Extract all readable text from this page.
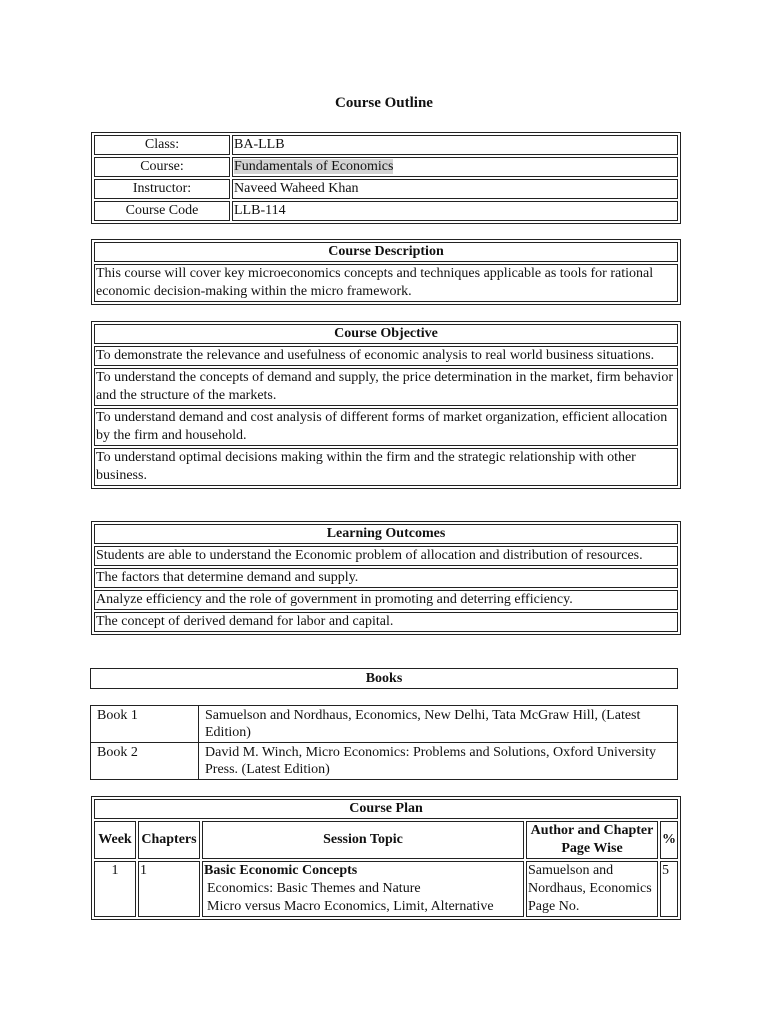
Course Outline
Class:	BA-LLB
Course:	Fundamentals of Economics
Instructor:	Naveed Waheed Khan
Course Code	LLB-114
Course Description
This course will cover key microeconomics concepts and techniques applicable as tools for rational economic decision-making within the micro framework.
Course Objective
To demonstrate the relevance and usefulness of economic analysis to real world business situations.
To understand the concepts of demand and supply, the price determination in the market, firm behavior and the structure of the markets.
To understand demand and cost analysis of different forms of market organization, efficient allocation by the firm and household.
To understand optimal decisions making within the firm and the strategic relationship with other business.
Learning Outcomes
Students are able to understand the Economic problem of allocation and distribution of resources.
The factors that determine demand and supply.
Analyze efficiency and the role of government in promoting and deterring efficiency.
The concept of derived demand for labor and capital.
Books
Book 1	Samuelson and Nordhaus, Economics, New Delhi, Tata McGraw Hill, (Latest Edition)
Book 2	David M. Winch, Micro Economics: Problems and Solutions, Oxford University Press. (Latest Edition)
Course Plan				
Week	Chapters	Session Topic	Author and Chapter Page Wise	%
1	1	Basic Economic Concepts
Economics: Basic Themes and Nature
Micro versus Macro Economics, Limit, Alternative	Samuelson and Nordhaus, Economics Page No.	5
